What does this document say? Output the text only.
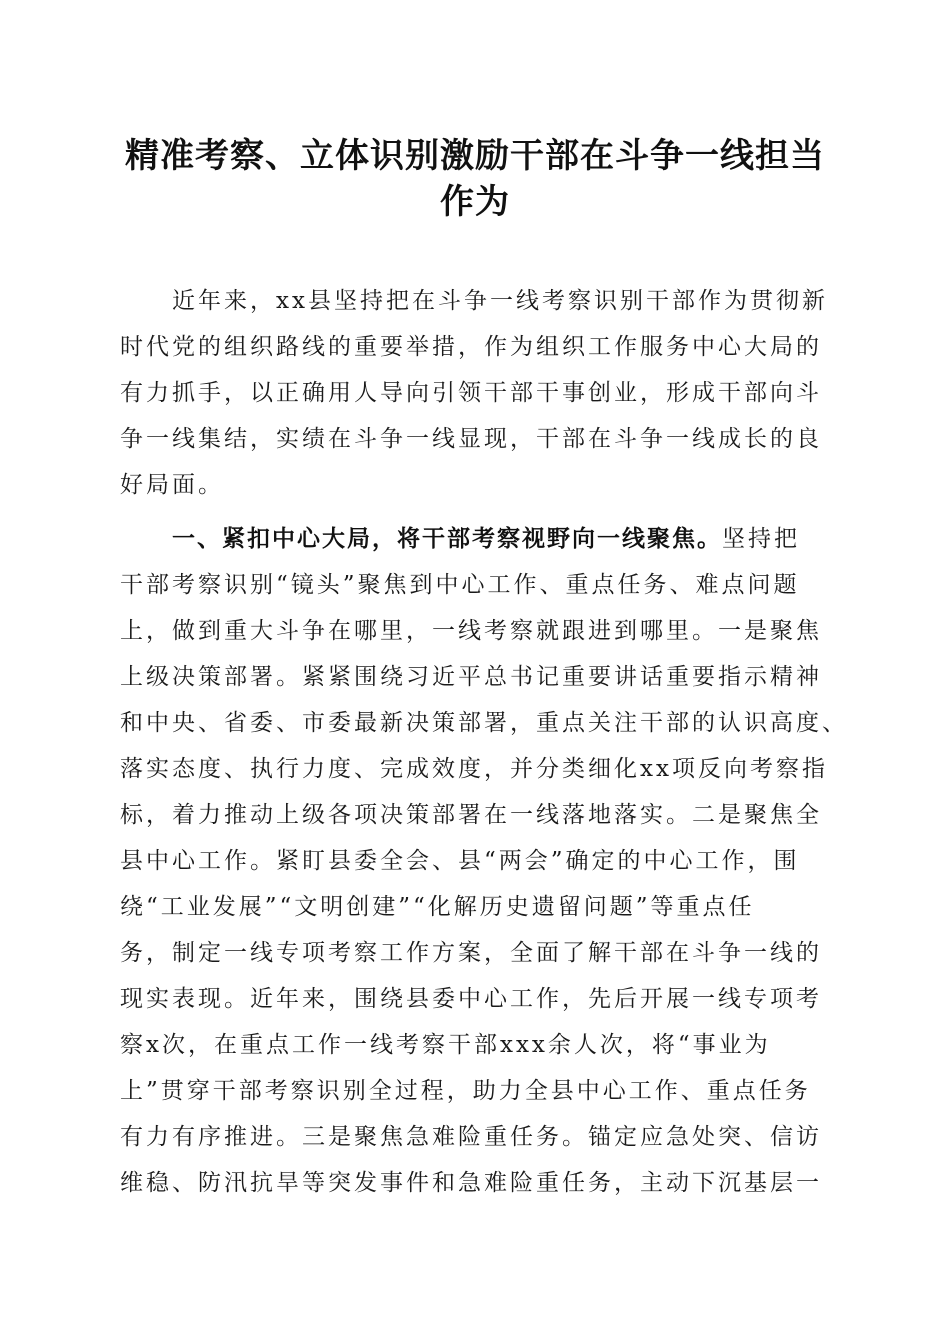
精准考察、立体识别激励干部在斗争一线担当
作为
近年来，xx县坚持把在斗争一线考察识别干部作为贯彻新
时代党的组织路线的重要举措，作为组织工作服务中心大局的
有力抓手，以正确用人导向引领干部干事创业，形成干部向斗
争一线集结，实绩在斗争一线显现，干部在斗争一线成长的良
好局面。
一、紧扣中心大局，将干部考察视野向一线聚焦。坚持把
干部考察识别“镜头”聚焦到中心工作、重点任务、难点问题
上，做到重大斗争在哪里，一线考察就跟进到哪里。一是聚焦
上级决策部署。紧紧围绕习近平总书记重要讲话重要指示精神
和中央、省委、市委最新决策部署，重点关注干部的认识高度、
落实态度、执行力度、完成效度，并分类细化xx项反向考察指
标，着力推动上级各项决策部署在一线落地落实。二是聚焦全
县中心工作。紧盯县委全会、县“两会”确定的中心工作，围
绕“工业发展”“文明创建”“化解历史遗留问题”等重点任
务，制定一线专项考察工作方案，全面了解干部在斗争一线的
现实表现。近年来，围绕县委中心工作，先后开展一线专项考
察x次，在重点工作一线考察干部xxx余人次，将“事业为
上”贯穿干部考察识别全过程，助力全县中心工作、重点任务
有力有序推进。三是聚焦急难险重任务。锚定应急处突、信访
维稳、防汛抗旱等突发事件和急难险重任务，主动下沉基层一
